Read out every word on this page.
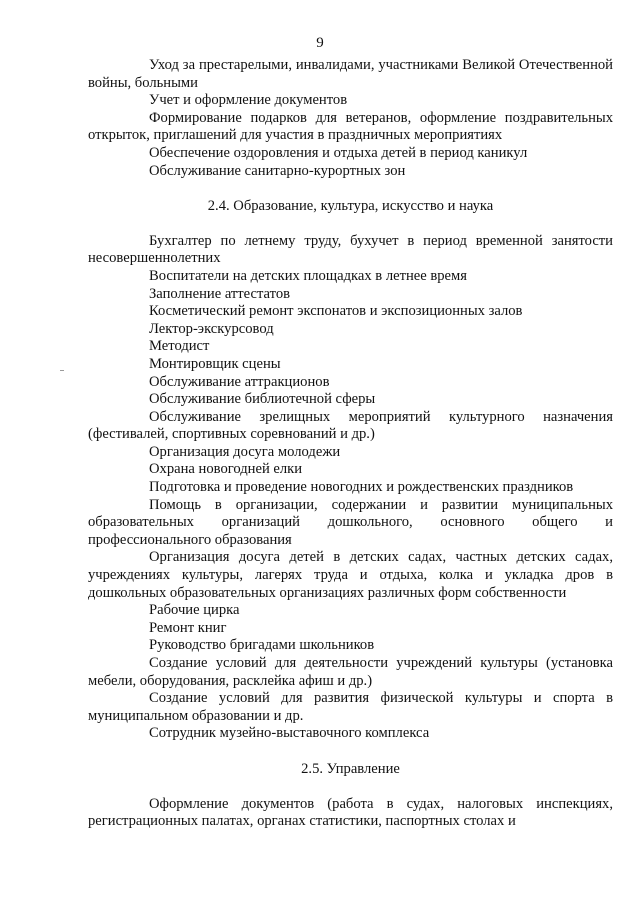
9

Уход за престарелыми, инвалидами, участниками Великой Отечественной войны, больными

Учет и оформление документов

Формирование подарков для ветеранов, оформление поздравительных открыток, приглашений для участия в праздничных мероприятиях

Обеспечение оздоровления и отдыха детей в период каникул

Обслуживание санитарно-курортных зон

2.4. Образование, культура, искусство и наука

Бухгалтер по летнему труду, бухучет в период временной занятости несовершеннолетних

Воспитатели на детских площадках в летнее время

Заполнение аттестатов

Косметический ремонт экспонатов и экспозиционных залов

Лектор-экскурсовод

Методист

Монтировщик сцены

Обслуживание аттракционов

Обслуживание библиотечной сферы

Обслуживание зрелищных мероприятий культурного назначения (фестивалей, спортивных соревнований и др.)

Организация досуга молодежи

Охрана новогодней елки

Подготовка и проведение новогодних и рождественских праздников

Помощь в организации, содержании и развитии муниципальных образовательных организаций дошкольного, основного общего и профессионального образования

Организация досуга детей в детских садах, частных детских садах, учреждениях культуры, лагерях труда и отдыха, колка и укладка дров в дошкольных образовательных организациях различных форм собственности

Рабочие цирка

Ремонт книг

Руководство бригадами школьников

Создание условий для деятельности учреждений культуры (установка мебели, оборудования, расклейка афиш и др.)

Создание условий для развития физической культуры и спорта в муниципальном образовании и др.

Сотрудник музейно-выставочного комплекса

2.5. Управление

Оформление документов (работа в судах, налоговых инспекциях, регистрационных палатах, органах статистики, паспортных столах и
